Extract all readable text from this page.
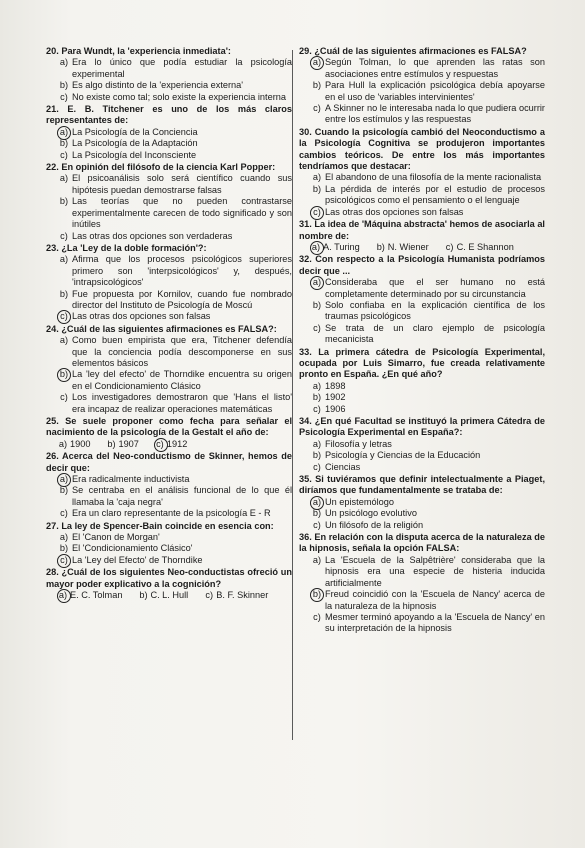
20. Para Wundt, la 'experiencia inmediata':
a) Era lo único que podía estudiar la psicología experimental
b) Es algo distinto de la 'experiencia externa'
c) No existe como tal; solo existe la experiencia interna
21. E. B. Titchener es uno de los más claros representantes de:
a) La Psicología de la Conciencia
b) La Psicología de la Adaptación
c) La Psicología del Inconsciente
22. En opinión del filósofo de la ciencia Karl Popper:
a) El psicoanálisis solo será científico cuando sus hipótesis puedan demostrarse falsas
b) Las teorías que no pueden contrastarse experimentalmente carecen de todo significado y son inútiles
c) Las otras dos opciones son verdaderas
23. ¿La 'Ley de la doble formación'?:
a) Afirma que los procesos psicológicos superiores primero son 'interpsicológicos' y, después, 'intrapsicológicos'
b) Fue propuesta por Kornilov, cuando fue nombrado director del Instituto de Psicología de Moscú
c) Las otras dos opciones son falsas
24. ¿Cuál de las siguientes afirmaciones es FALSA?:
a) Como buen empirista que era, Titchener defendía que la conciencia podía descomponerse en sus elementos básicos
b) La 'ley del efecto' de Thorndike encuentra su origen en el Condicionamiento Clásico
c) Los investigadores demostraron que 'Hans el listo' era incapaz de realizar operaciones matemáticas
25. Se suele proponer como fecha para señalar el nacimiento de la psicología de la Gestalt el año de:
a) 1900	b) 1907	c) 1912
26. Acerca del Neo-conductismo de Skinner, hemos de decir que:
a) Era radicalmente inductivista
b) Se centraba en el análisis funcional de lo que él llamaba la 'caja negra'
c) Era un claro representante de la psicología E - R
27. La ley de Spencer-Bain coincide en esencia con:
a) El 'Canon de Morgan'
b) El 'Condicionamiento Clásico'
c) La 'Ley del Efecto' de Thorndike
28. ¿Cuál de los siguientes Neo-conductistas ofreció un mayor poder explicativo a la cognición?
a) E. C. Tolman	b) C. L. Hull	c) B. F. Skinner
29. ¿Cuál de las siguientes afirmaciones es FALSA?
a) Según Tolman, lo que aprenden las ratas son asociaciones entre estímulos y respuestas
b) Para Hull la explicación psicológica debía apoyarse en el uso de 'variables intervinientes'
c) A Skinner no le interesaba nada lo que pudiera ocurrir entre los estímulos y las respuestas
30. Cuando la psicología cambió del Neoconductismo a la Psicología Cognitiva se produjeron importantes cambios teóricos. De entre los más importantes tendríamos que destacar:
a) El abandono de una filosofía de la mente racionalista
b) La pérdida de interés por el estudio de procesos psicológicos como el pensamiento o el lenguaje
c) Las otras dos opciones son falsas
31. La idea de 'Máquina abstracta' hemos de asociarla al nombre de:
a) A. Turing	b) N. Wiener	c) C. E Shannon
32. Con respecto a la Psicología Humanista podríamos decir que ...
a) Consideraba que el ser humano no está completamente determinado por su circunstancia
b) Solo confiaba en la explicación científica de los traumas psicológicos
c) Se trata de un claro ejemplo de psicología mecanicista
33. La primera cátedra de Psicología Experimental, ocupada por Luis Simarro, fue creada relativamente pronto en España. ¿En qué año?
a) 1898
b) 1902
c) 1906
34. ¿En qué Facultad se instituyó la primera Cátedra de Psicología Experimental en España?:
a) Filosofía y letras
b) Psicología y Ciencias de la Educación
c) Ciencias
35. Si tuviéramos que definir intelectualmente a Piaget, diríamos que fundamentalmente se trataba de:
a) Un epistemólogo
b) Un psicólogo evolutivo
c) Un filósofo de la religión
36. En relación con la disputa acerca de la naturaleza de la hipnosis, señala la opción FALSA:
a) La 'Escuela de la Salpêtrière' consideraba que la hipnosis era una especie de histeria inducida artificialmente
b) Freud coincidió con la 'Escuela de Nancy' acerca de la naturaleza de la hipnosis
c) Mesmer terminó apoyando a la 'Escuela de Nancy' en su interpretación de la hipnosis
